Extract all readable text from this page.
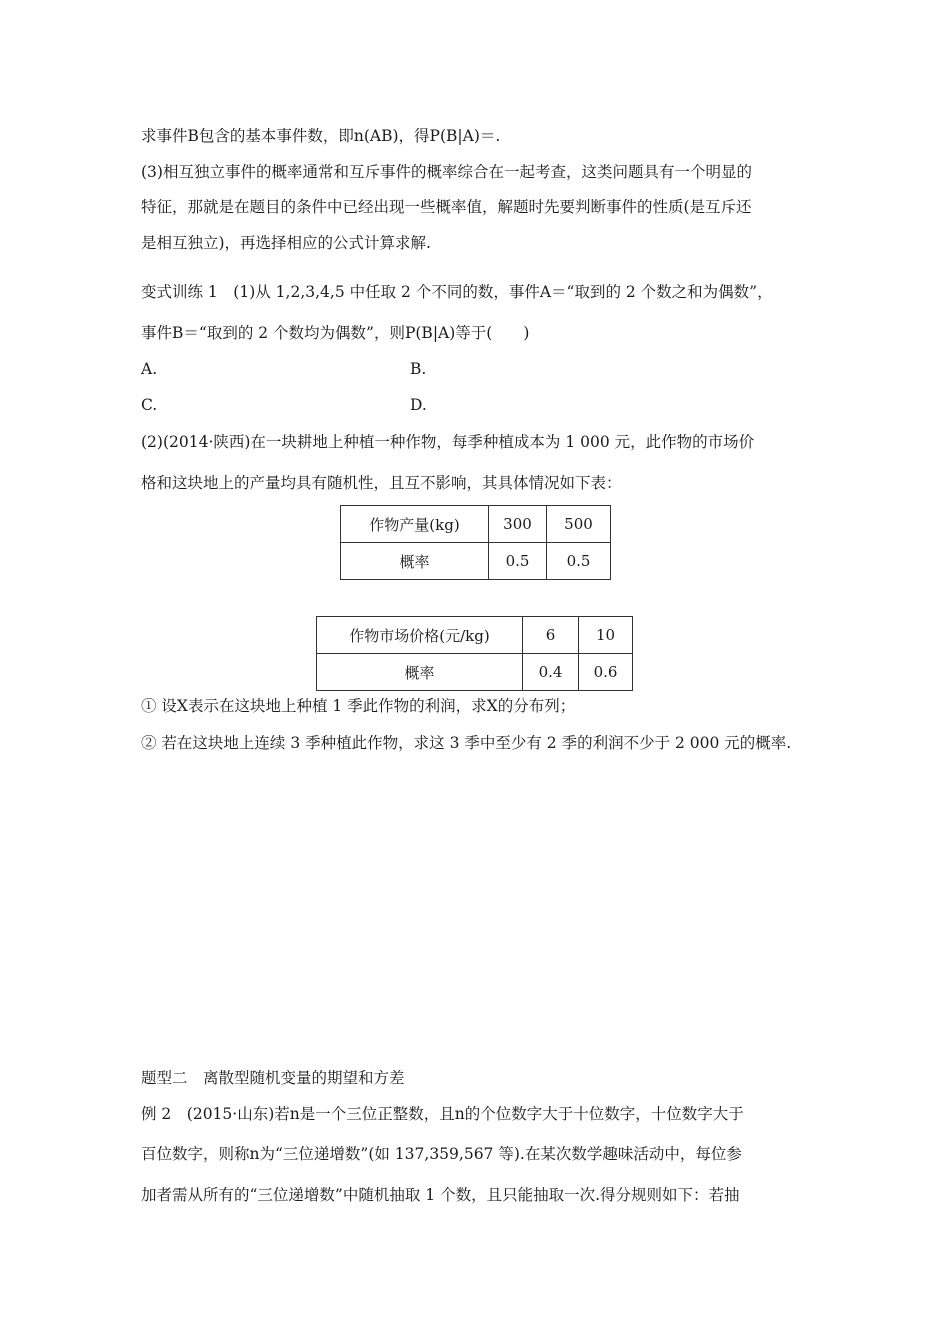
求事件B包含的基本事件数，即n(AB)，得P(B|A)＝.
(3)相互独立事件的概率通常和互斥事件的概率综合在一起考查，这类问题具有一个明显的
特征，那就是在题目的条件中已经出现一些概率值，解题时先要判断事件的性质(是互斥还
是相互独立)，再选择相应的公式计算求解.
变式训练 1　(1)从 1,2,3,4,5 中任取 2 个不同的数，事件A＝“取到的 2 个数之和为偶数”，
事件B＝“取到的 2 个数均为偶数”，则P(B|A)等于(　　)
A.	B.
C.	D.
(2)(2014·陕西)在一块耕地上种植一种作物，每季种植成本为 1 000 元，此作物的市场价
格和这块地上的产量均具有随机性，且互不影响，其具体情况如下表：
作物产量(kg)	300	500
概率	0.5	0.5
作物市场价格(元/kg)	6	10
概率	0.4	0.6
① 设X表示在这块地上种植 1 季此作物的利润，求X的分布列；
② 若在这块地上连续 3 季种植此作物，求这 3 季中至少有 2 季的利润不少于 2 000 元的概率.
题型二　离散型随机变量的期望和方差
例 2　(2015·山东)若n是一个三位正整数，且n的个位数字大于十位数字，十位数字大于
百位数字，则称n为“三位递增数”(如 137,359,567 等).在某次数学趣味活动中，每位参
加者需从所有的“三位递增数”中随机抽取 1 个数，且只能抽取一次.得分规则如下：若抽
